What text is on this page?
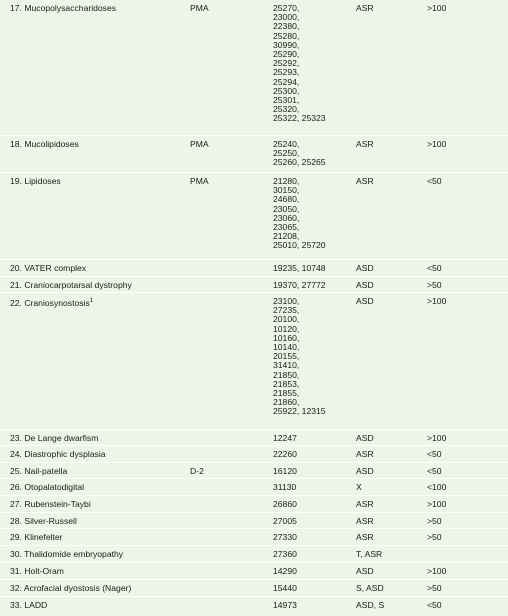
17. Mucopolysaccharidoses	PMA	25270,
23000,
22380,
25280,
30990,
25290,
25292,
25293,
25294,
25300,
25301,
25320,
25322, 25323
ASR	>100
18. Mucolipidoses	PMA	25240,
25250,
25260, 25265
ASR	>100
19. Lipidoses	PMA	21280,
30150,
24680,
23050,
23060,
23065,
21208,
25010, 25720
ASR	<50
20. VATER complex	19235, 10748	ASD	<50
21. Craniocarpotarsal dystrophy	19370, 27772	ASD	>50
22. Craniosynostosis$^1$	23100,
27235,
20100,
10120,
10160,
10140,
20155,
31410,
21850,
21853,
21855,
21860,
25922, 12315
ASD	>100
23. De Lange dwarfism	12247	ASD	>100
24. Diastrophic dysplasia	22260	ASR	<50
25. Nail-patella	D-2	16120	ASD	<50
26. Otopalatodigital	31130	X	<100
27. Rubenstein-Taybi	26860	ASR	>100
28. Silver-Russell	27005	ASR	>50
29. Klinefelter	27330	ASR	>50
30. Thalidomide embryopathy	27360	T, ASR
31. Holt-Oram	14290	ASD	>100
32. Acrofacial dyostosis (Nager)	15440	S, ASD	>50
33. LADD	14973	ASD, S	<50
